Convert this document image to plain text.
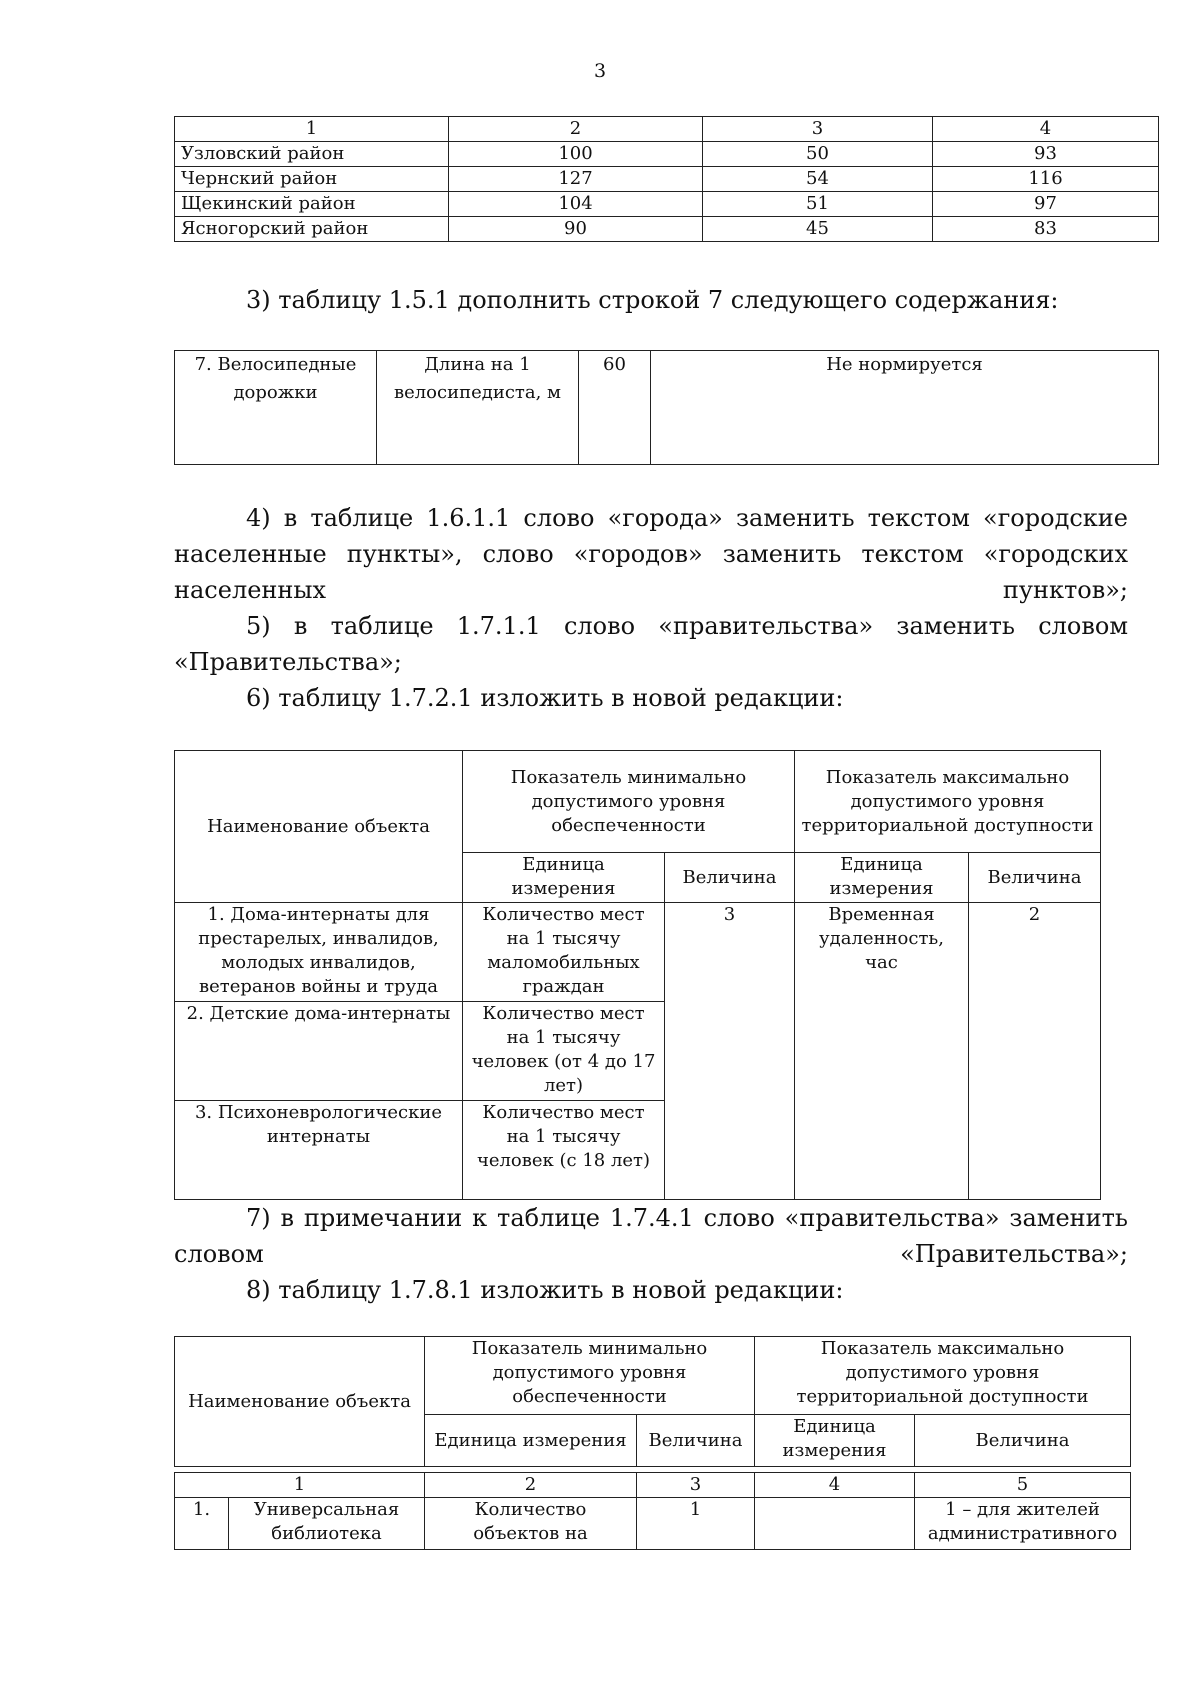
3
1	2	3	4
Узловский район	100	50	93
Чернский район	127	54	116
Щекинский район	104	51	97
Ясногорский район	90	45	83
3) таблицу 1.5.1 дополнить строкой 7 следующего содержания:
7. Велосипедные дорожки	Длина на 1 велосипедиста, м	60	Не нормируется
4) в таблице 1.6.1.1 слово «города» заменить текстом «городские населенные пункты», слово «городов» заменить текстом «городских населенных пунктов»;
5) в таблице 1.7.1.1 слово «правительства» заменить словом «Правительства»;
6) таблицу 1.7.2.1 изложить в новой редакции:
Наименование объекта	Показатель минимально допустимого уровня обеспеченности		Показатель максимально допустимого уровня территориальной доступности	
	Единица измерения	Величина	Единица измерения	Величина
1. Дома-интернаты для престарелых, инвалидов, молодых инвалидов, ветеранов войны и труда	Количество мест на 1 тысячу маломобильных граждан	3	Временная удаленность, час	2
2. Детские дома-интернаты	Количество мест на 1 тысячу человек (от 4 до 17 лет)			
3. Психоневрологические интернаты	Количество мест на 1 тысячу человек (с 18 лет)			
7) в примечании к таблице 1.7.4.1 слово «правительства» заменить словом «Правительства»;
8) таблицу 1.7.8.1 изложить в новой редакции:
Наименование объекта	Показатель минимально допустимого уровня обеспеченности		Показатель максимально допустимого уровня территориальной доступности	
	Единица измерения	Величина	Единица измерения	Величина
1		2	3	4	5
1.	Универсальная библиотека	Количество объектов на	1		1 – для жителей административного
